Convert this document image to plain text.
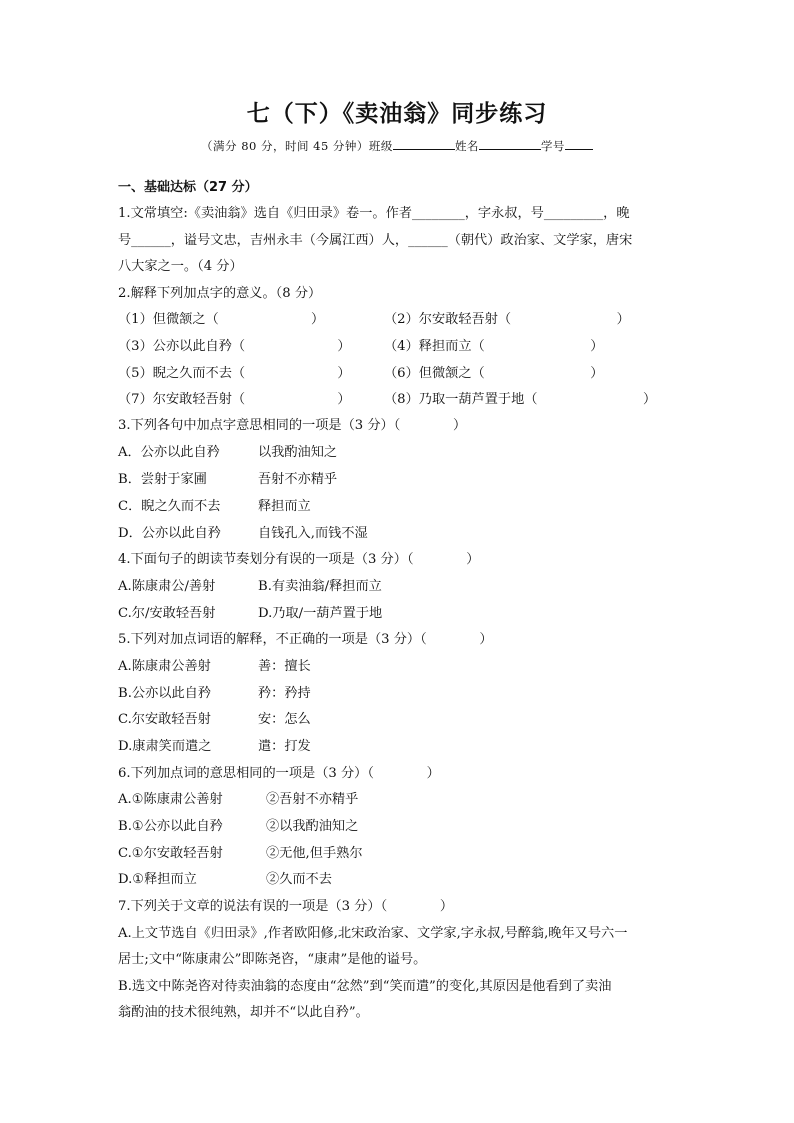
七（下）《卖油翁》同步练习
（满分 80 分，时间 45 分钟）班级	姓名	学号
一、基础达标（27 分）
1.文常填空:《卖油翁》选自《归田录》卷一。作者________，字永叔，号_________，晚
号______，谥号文忠，吉州永丰（今属江西）人，______（朝代）政治家、文学家，唐宋
八大家之一。（4 分）
2.解释下列加点字的意义。（8 分）
（1）但微颔之（　　　　　　　）	（2）尔安敢轻吾射（　　　　　　　　）
（3）公亦以此自矜（　　　　　　　）	（4）释担而立（　　　　　　　　）
（5）睨之久而不去（　　　　　　　）	（6）但微颔之（　　　　　　　　）
（7）尔安敢轻吾射（　　　　　　　）	（8）乃取一葫芦置于地（　　　　　　　　）
3.下列各句中加点字意思相同的一项是（3 分）（　　　　）
A．公亦以此自矜	以我酌油知之
B．尝射于家圃	吾射不亦精乎
C．睨之久而不去	释担而立
D．公亦以此自矜	自钱孔入,而钱不湿
4.下面句子的朗读节奏划分有误的一项是（3 分）（　　　　）
A.陈康肃公/善射	B.有卖油翁/释担而立
C.尔/安敢轻吾射	D.乃取/一葫芦置于地
5.下列对加点词语的解释，不正确的一项是（3 分）（　　　　）
A.陈康肃公善射	善：擅长
B.公亦以此自矜	矜：矜持
C.尔安敢轻吾射	安：怎么
D.康肃笑而遣之	遣：打发
6.下列加点词的意思相同的一项是（3 分）（　　　　）
A.①陈康肃公善射	②吾射不亦精乎
B.①公亦以此自矜	②以我酌油知之
C.①尔安敢轻吾射	②无他,但手熟尔
D.①释担而立	②久而不去
7.下列关于文章的说法有误的一项是（3 分）（　　　　）
A.上文节选自《归田录》,作者欧阳修,北宋政治家、文学家,字永叔,号醉翁,晚年又号六一
居士;文中“陈康肃公”即陈尧咨，“康肃”是他的谥号。
B.选文中陈尧咨对待卖油翁的态度由“忿然”到“笑而遣”的变化,其原因是他看到了卖油
翁酌油的技术很纯熟，却并不“以此自矜”。
